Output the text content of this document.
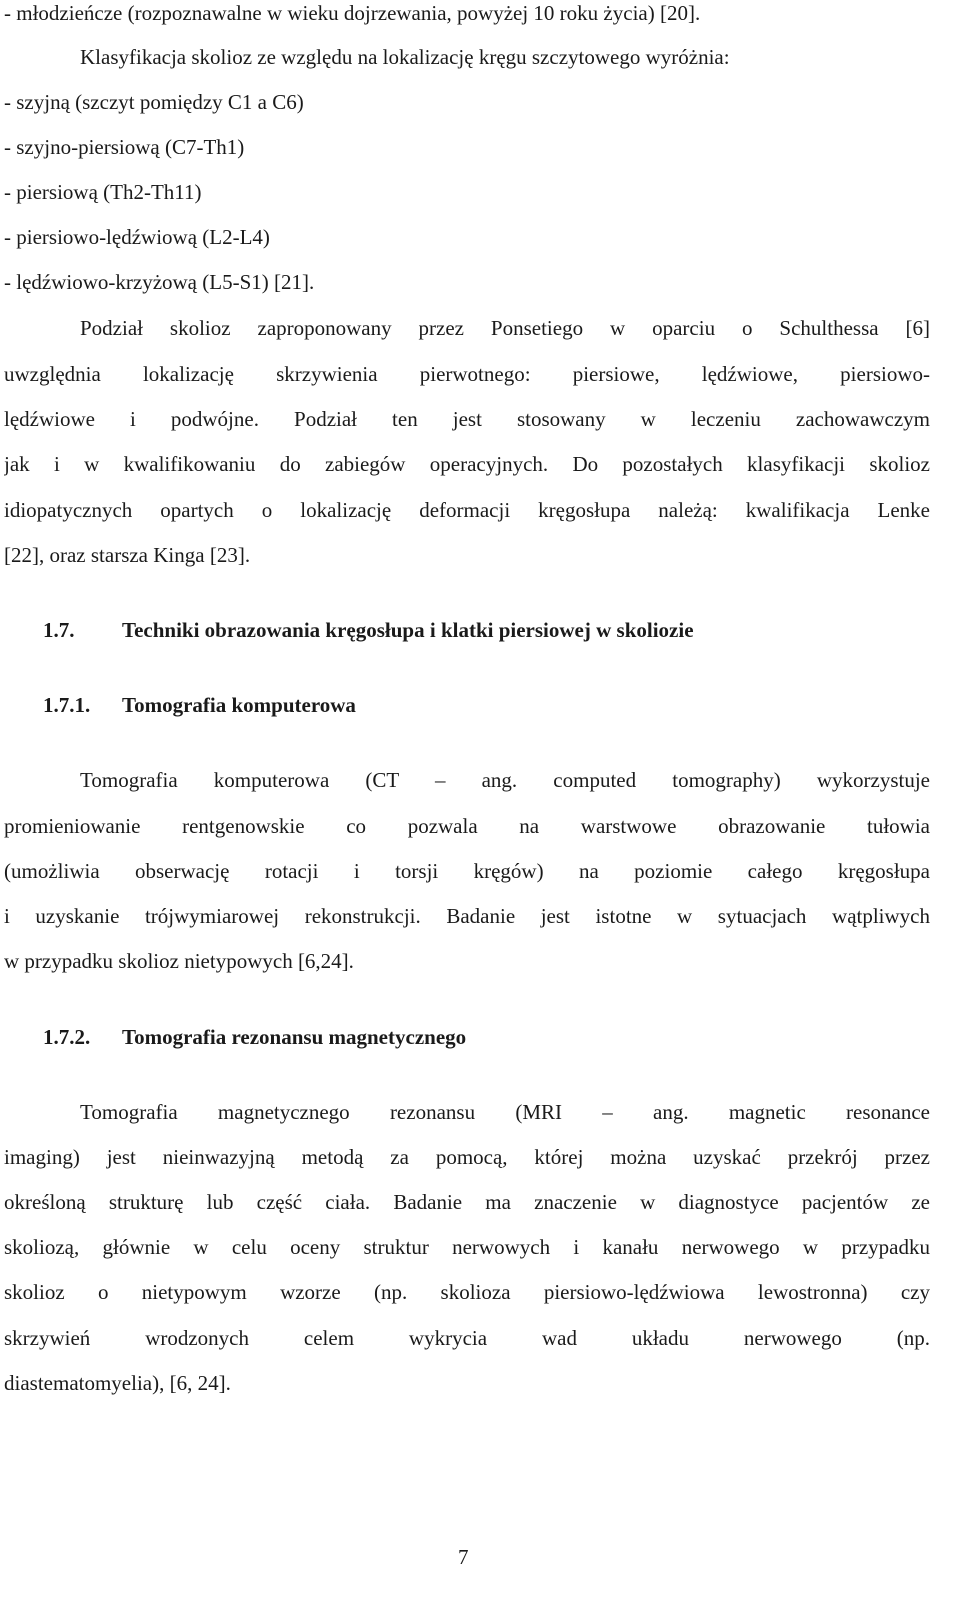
- młodzieńcze (rozpoznawalne w wieku dojrzewania, powyżej 10 roku życia) [20].
Klasyfikacja skolioz ze względu na lokalizację kręgu szczytowego wyróżnia:
- szyjną (szczyt pomiędzy C1 a C6)
- szyjno-piersiową (C7-Th1)
- piersiową (Th2-Th11)
- piersiowo-lędźwiową (L2-L4)
- lędźwiowo-krzyżową (L5-S1) [21].
Podział skolioz zaproponowany przez Ponsetiego w oparciu o Schulthessa [6]
uwzględnia lokalizację skrzywienia pierwotnego: piersiowe, lędźwiowe, piersiowo-
lędźwiowe i podwójne. Podział ten jest stosowany w leczeniu zachowawczym
jak i w kwalifikowaniu do zabiegów operacyjnych. Do pozostałych klasyfikacji skolioz
idiopatycznych opartych o lokalizację deformacji kręgosłupa należą: kwalifikacja Lenke
[22], oraz starsza Kinga [23].
1.7. Techniki obrazowania kręgosłupa i klatki piersiowej w skoliozie
1.7.1. Tomografia komputerowa
Tomografia komputerowa (CT – ang. computed tomography) wykorzystuje
promieniowanie rentgenowskie co pozwala na warstwowe obrazowanie tułowia
(umożliwia obserwację rotacji i torsji kręgów) na poziomie całego kręgosłupa
i uzyskanie trójwymiarowej rekonstrukcji. Badanie jest istotne w sytuacjach wątpliwych
w przypadku skolioz nietypowych [6,24].
1.7.2. Tomografia rezonansu magnetycznego
Tomografia magnetycznego rezonansu (MRI – ang. magnetic resonance
imaging) jest nieinwazyjną metodą za pomocą, której można uzyskać przekrój przez
określoną strukturę lub część ciała. Badanie ma znaczenie w diagnostyce pacjentów ze
skoliozą, głównie w celu oceny struktur nerwowych i kanału nerwowego w przypadku
skolioz o nietypowym wzorze (np. skolioza piersiowo-lędźwiowa lewostronna) czy
skrzywień wrodzonych celem wykrycia wad układu nerwowego (np.
diastematomyelia), [6, 24].
7
